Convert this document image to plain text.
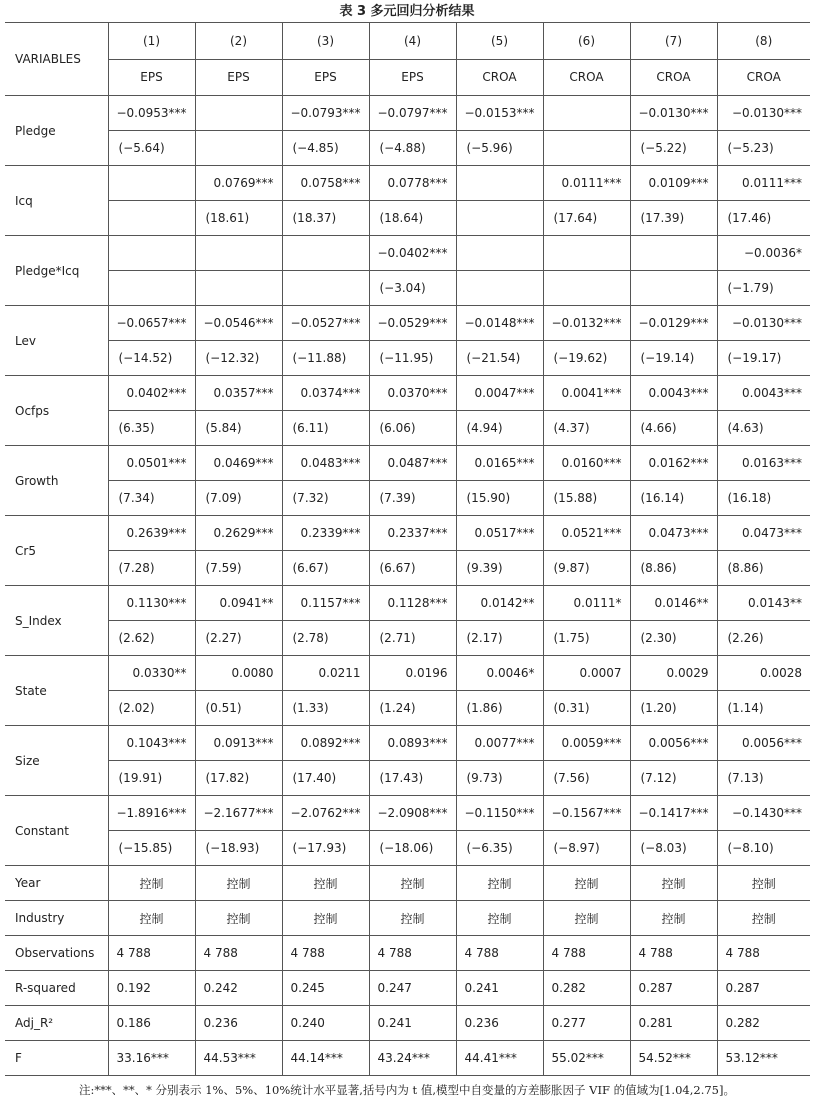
表 3 多元回归分析结果
VARIABLES	(1)	(2)	(3)	(4)	(5)	(6)	(7)	(8)
	EPS	EPS	EPS	EPS	CROA	CROA	CROA	CROA
Pledge	−0.0953***		−0.0793***	−0.0797***	−0.0153***		−0.0130***	−0.0130***
	(−5.64)		(−4.85)	(−4.88)	(−5.96)		(−5.22)	(−5.23)
Icq		0.0769***	0.0758***	0.0778***		0.0111***	0.0109***	0.0111***
		(18.61)	(18.37)	(18.64)		(17.64)	(17.39)	(17.46)
Pledge*Icq				−0.0402***				−0.0036*
				(−3.04)				(−1.79)
Lev	−0.0657***	−0.0546***	−0.0527***	−0.0529***	−0.0148***	−0.0132***	−0.0129***	−0.0130***
	(−14.52)	(−12.32)	(−11.88)	(−11.95)	(−21.54)	(−19.62)	(−19.14)	(−19.17)
Ocfps	0.0402***	0.0357***	0.0374***	0.0370***	0.0047***	0.0041***	0.0043***	0.0043***
	(6.35)	(5.84)	(6.11)	(6.06)	(4.94)	(4.37)	(4.66)	(4.63)
Growth	0.0501***	0.0469***	0.0483***	0.0487***	0.0165***	0.0160***	0.0162***	0.0163***
	(7.34)	(7.09)	(7.32)	(7.39)	(15.90)	(15.88)	(16.14)	(16.18)
Cr5	0.2639***	0.2629***	0.2339***	0.2337***	0.0517***	0.0521***	0.0473***	0.0473***
	(7.28)	(7.59)	(6.67)	(6.67)	(9.39)	(9.87)	(8.86)	(8.86)
S_Index	0.1130***	0.0941**	0.1157***	0.1128***	0.0142**	0.0111*	0.0146**	0.0143**
	(2.62)	(2.27)	(2.78)	(2.71)	(2.17)	(1.75)	(2.30)	(2.26)
State	0.0330**	0.0080	0.0211	0.0196	0.0046*	0.0007	0.0029	0.0028
	(2.02)	(0.51)	(1.33)	(1.24)	(1.86)	(0.31)	(1.20)	(1.14)
Size	0.1043***	0.0913***	0.0892***	0.0893***	0.0077***	0.0059***	0.0056***	0.0056***
	(19.91)	(17.82)	(17.40)	(17.43)	(9.73)	(7.56)	(7.12)	(7.13)
Constant	−1.8916***	−2.1677***	−2.0762***	−2.0908***	−0.1150***	−0.1567***	−0.1417***	−0.1430***
	(−15.85)	(−18.93)	(−17.93)	(−18.06)	(−6.35)	(−8.97)	(−8.03)	(−8.10)
Year	控制	控制	控制	控制	控制	控制	控制	控制
Industry	控制	控制	控制	控制	控制	控制	控制	控制
Observations	4 788	4 788	4 788	4 788	4 788	4 788	4 788	4 788
R-squared	0.192	0.242	0.245	0.247	0.241	0.282	0.287	0.287
Adj_R²	0.186	0.236	0.240	0.241	0.236	0.277	0.281	0.282
F	33.16***	44.53***	44.14***	43.24***	44.41***	55.02***	54.52***	53.12***
注:***、**、* 分别表示 1%、5%、10%统计水平显著,括号内为 t 值,模型中自变量的方差膨胀因子 VIF 的值域为[1.04,2.75]。
